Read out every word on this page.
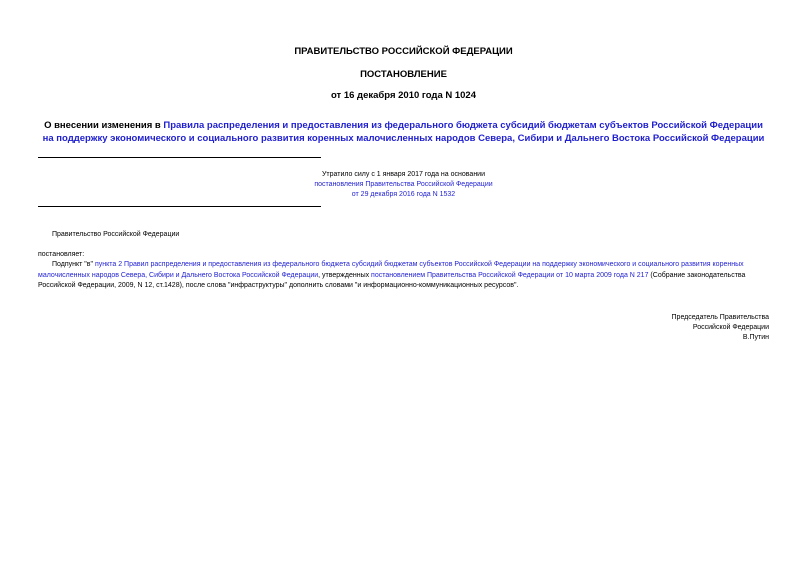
ПРАВИТЕЛЬСТВО РОССИЙСКОЙ ФЕДЕРАЦИИ
ПОСТАНОВЛЕНИЕ
от 16 декабря 2010 года N 1024
О внесении изменения в Правила распределения и предоставления из федерального бюджета субсидий бюджетам субъектов Российской Федерации на поддержку экономического и социального развития коренных малочисленных народов Севера, Сибири и Дальнего Востока Российской Федерации
Утратило силу с 1 января 2017 года на основании
постановления Правительства Российской Федерации
от 29 декабря 2016 года N 1532
Правительство Российской Федерации
постановляет:
Подпункт "в" пункта 2 Правил распределения и предоставления из федерального бюджета субсидий бюджетам субъектов Российской Федерации на поддержку экономического и социального развития коренных малочисленных народов Севера, Сибири и Дальнего Востока Российской Федерации, утвержденных постановлением Правительства Российской Федерации от 10 марта 2009 года N 217 (Собрание законодательства Российской Федерации, 2009, N 12, ст.1428), после слова "инфраструктуры" дополнить словами "и информационно-коммуникационных ресурсов".
Председатель Правительства
Российской Федерации
В.Путин
